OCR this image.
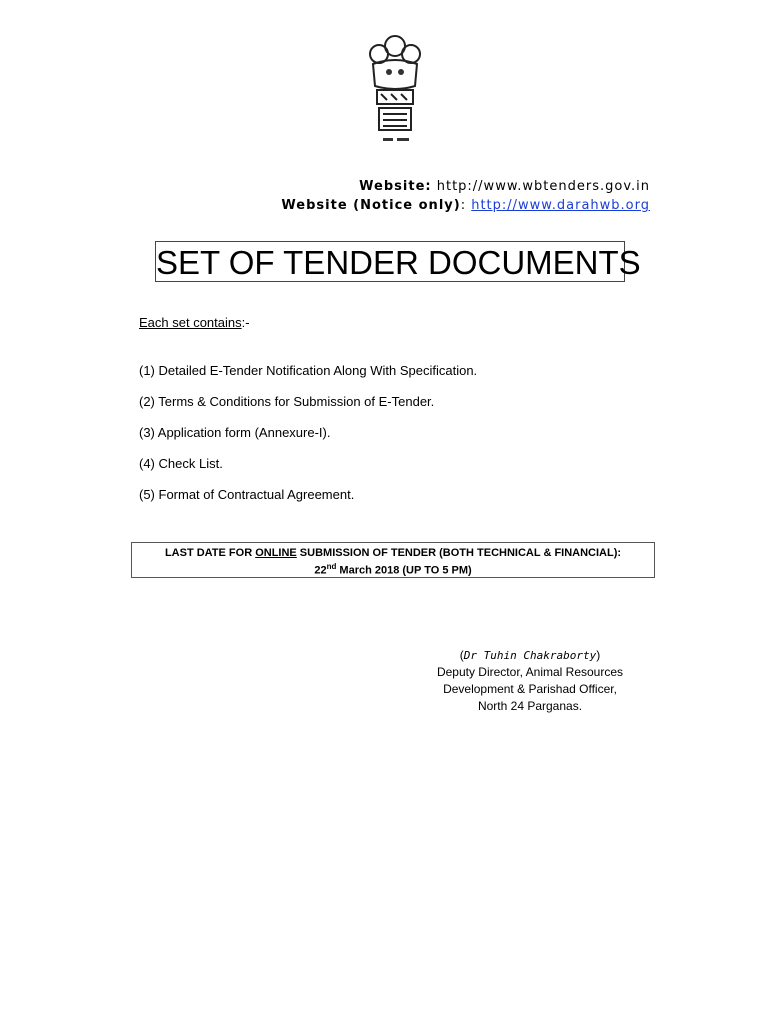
Website: http://www.wbtenders.gov.in
Website (Notice only): http://www.darahwb.org
SET OF TENDER DOCUMENTS
Each set contains:-
(1) Detailed E-Tender Notification Along With Specification.
(2) Terms & Conditions for Submission of E-Tender.
(3) Application form (Annexure-I).
(4) Check List.
(5) Format of Contractual Agreement.
LAST DATE FOR ONLINE SUBMISSION OF TENDER (BOTH TECHNICAL & FINANCIAL):
22nd March 2018 (UP TO 5 PM)
(Dr Tuhin Chakraborty)
Deputy Director, Animal Resources
Development & Parishad Officer,
North 24 Parganas.
